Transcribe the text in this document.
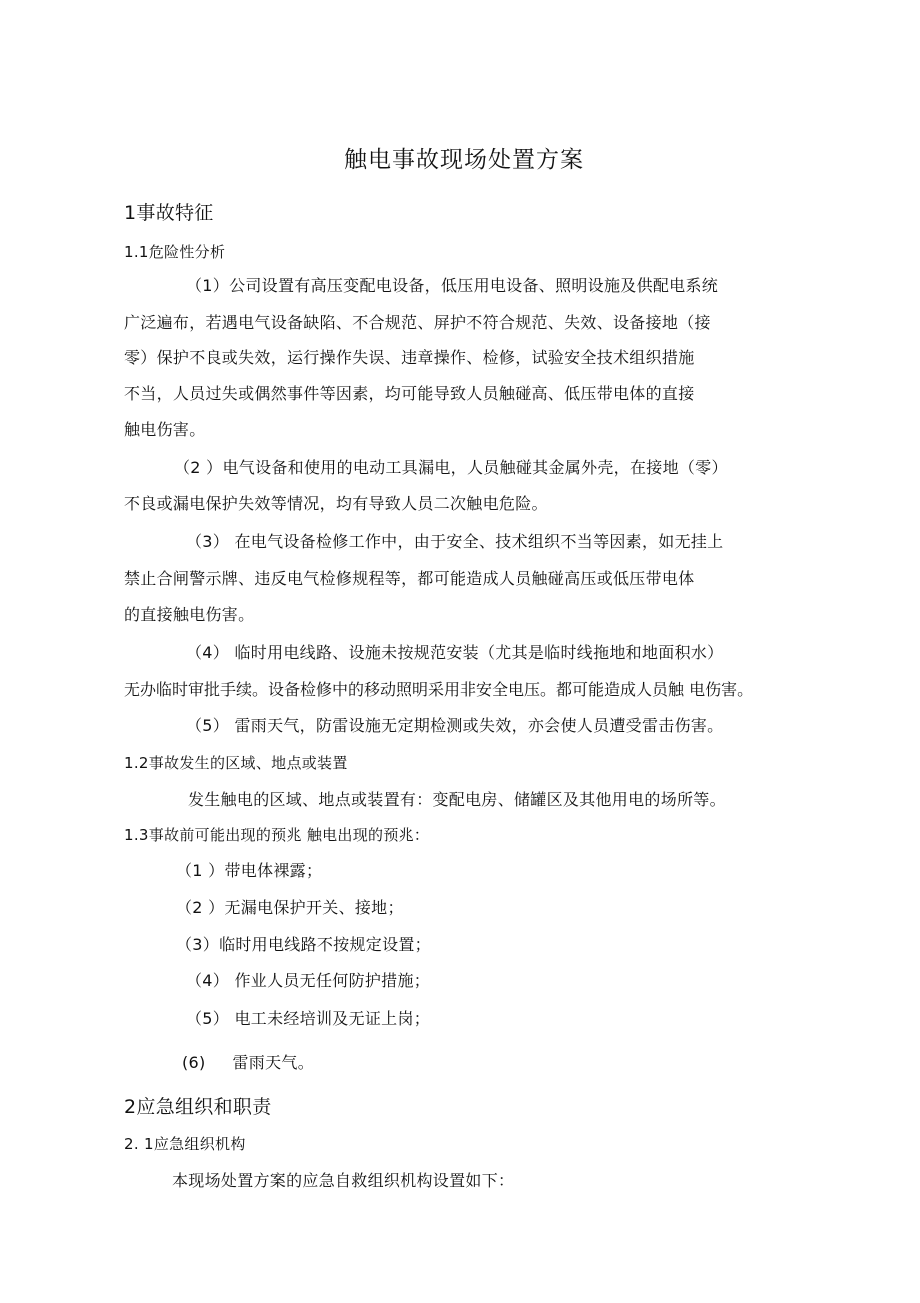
触电事故现场处置方案
1事故特征
1.1危险性分析
（1）公司设置有高压变配电设备，低压用电设备、照明设施及供配电系统
广泛遍布，若遇电气设备缺陷、不合规范、屏护不符合规范、失效、设备接地（接
零）保护不良或失效，运行操作失误、违章操作、检修，试验安全技术组织措施
不当，人员过失或偶然事件等因素，均可能导致人员触碰高、低压带电体的直接
触电伤害。
（2 ）电气设备和使用的电动工具漏电，人员触碰其金属外壳，在接地（零）
不良或漏电保护失效等情况，均有导致人员二次触电危险。
（3） 在电气设备检修工作中，由于安全、技术组织不当等因素，如无挂上
禁止合闸警示牌、违反电气检修规程等，都可能造成人员触碰高压或低压带电体
的直接触电伤害。
（4） 临时用电线路、设施未按规范安装（尤其是临时线拖地和地面积水）
无办临时审批手续。设备检修中的移动照明采用非安全电压。都可能造成人员触 电伤害。
（5） 雷雨天气，防雷设施无定期检测或失效，亦会使人员遭受雷击伤害。
1.2事故发生的区域、地点或装置
发生触电的区域、地点或装置有：变配电房、储罐区及其他用电的场所等。
1.3事故前可能出现的预兆 触电出现的预兆：
（1 ）带电体裸露；
（2 ）无漏电保护开关、接地；
（3）临时用电线路不按规定设置；
（4） 作业人员无任何防护措施；
（5） 电工未经培训及无证上岗；
(6)     雷雨天气。
2应急组织和职责
2. 1应急组织机构
本现场处置方案的应急自救组织机构设置如下：
